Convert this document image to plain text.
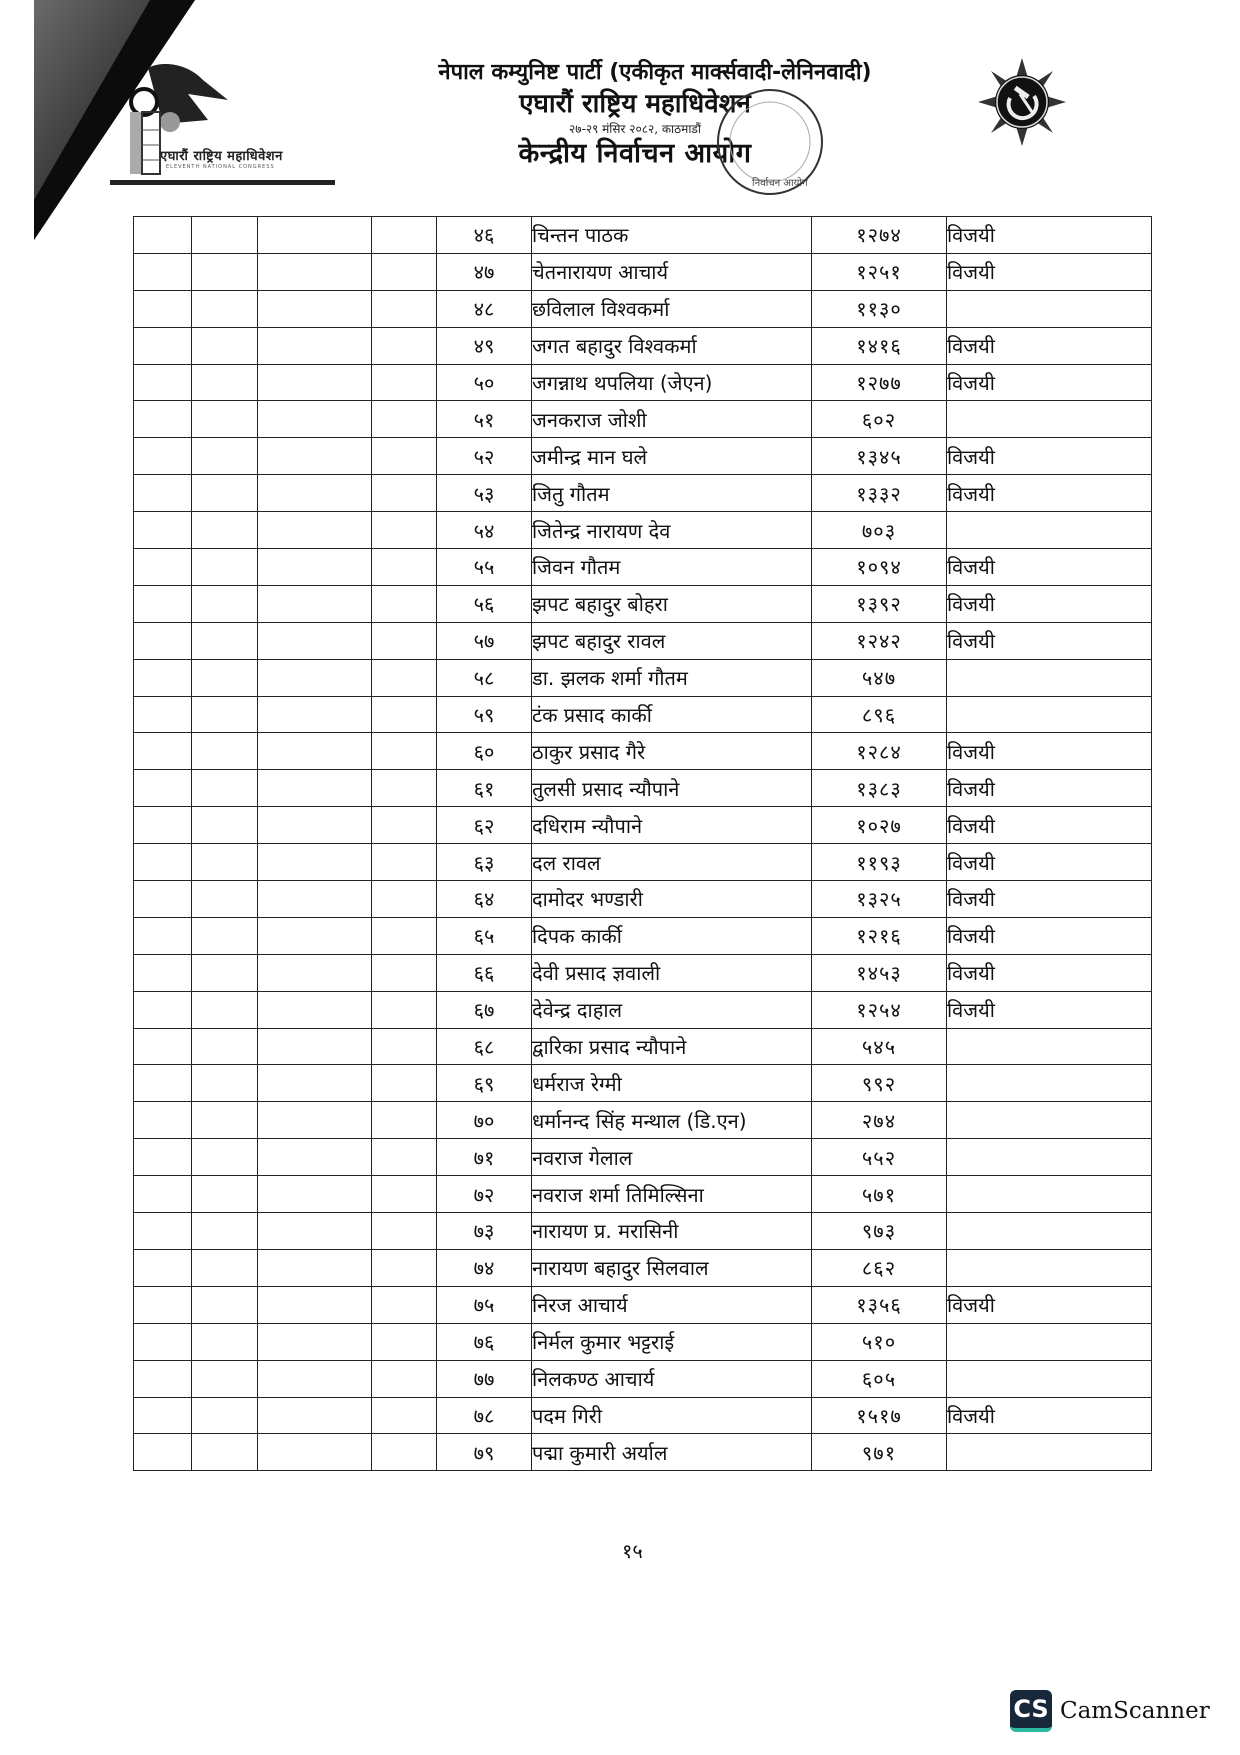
एघारौं राष्ट्रिय महाधिवेशन
ELEVENTH NATIONAL CONGRESS
नेपाल कम्युनिष्ट पार्टी (एकीकृत मार्क्सवादी-लेनिनवादी)
एघारौं राष्ट्रिय महाधिवेशन
२७-२९ मंसिर २०८२, काठमाडौं
केन्द्रीय निर्वाचन आयोग
निर्वाचन आयोग
				४६	चिन्तन पाठक	१२७४	विजयी
				४७	चेतनारायण आचार्य	१२५१	विजयी
				४८	छविलाल विश्वकर्मा	११३०	
				४९	जगत बहादुर विश्वकर्मा	१४१६	विजयी
				५०	जगन्नाथ थपलिया (जेएन)	१२७७	विजयी
				५१	जनकराज जोशी	६०२	
				५२	जमीन्द्र मान घले	१३४५	विजयी
				५३	जितु गौतम	१३३२	विजयी
				५४	जितेन्द्र नारायण देव	७०३	
				५५	जिवन गौतम	१०९४	विजयी
				५६	झपट बहादुर बोहरा	१३९२	विजयी
				५७	झपट बहादुर रावल	१२४२	विजयी
				५८	डा. झलक शर्मा गौतम	५४७	
				५९	टंक प्रसाद कार्की	८९६	
				६०	ठाकुर प्रसाद गैरे	१२८४	विजयी
				६१	तुलसी प्रसाद न्यौपाने	१३८३	विजयी
				६२	दधिराम न्यौपाने	१०२७	विजयी
				६३	दल रावल	११९३	विजयी
				६४	दामोदर भण्डारी	१३२५	विजयी
				६५	दिपक कार्की	१२१६	विजयी
				६६	देवी प्रसाद ज्ञवाली	१४५३	विजयी
				६७	देवेन्द्र दाहाल	१२५४	विजयी
				६८	द्वारिका प्रसाद न्यौपाने	५४५	
				६९	धर्मराज रेग्मी	९९२	
				७०	धर्मानन्द सिंह मन्थाल (डि.एन)	२७४	
				७१	नवराज गेलाल	५५२	
				७२	नवराज शर्मा तिमिल्सिना	५७१	
				७३	नारायण प्र. मरासिनी	९७३	
				७४	नारायण बहादुर सिलवाल	८६२	
				७५	निरज आचार्य	१३५६	विजयी
				७६	निर्मल कुमार भट्टराई	५१०	
				७७	निलकण्ठ आचार्य	६०५	
				७८	पदम गिरी	१५१७	विजयी
				७९	पद्मा कुमारी अर्याल	९७१	
१५
CS CamScanner
